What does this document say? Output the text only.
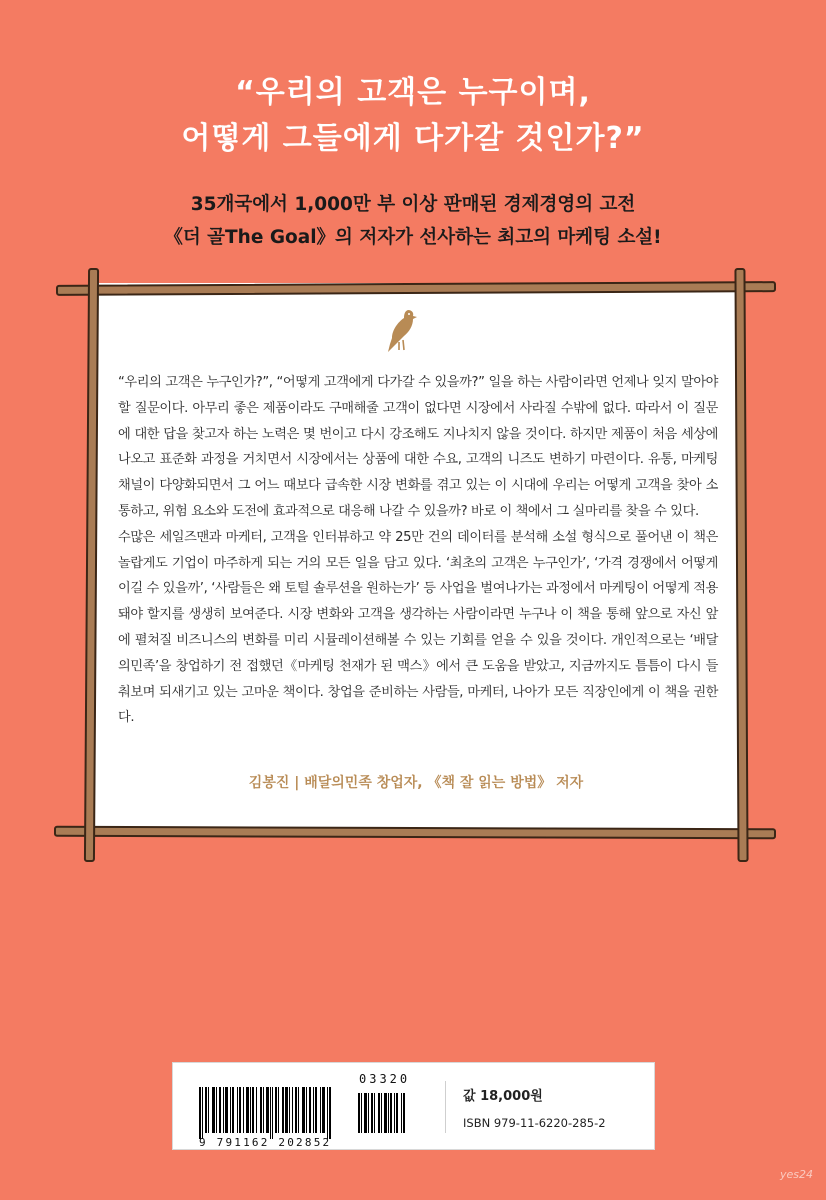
“우리의 고객은 누구이며,
어떻게 그들에게 다가갈 것인가?”
35개국에서 1,000만 부 이상 판매된 경제경영의 고전
《더 골The Goal》의 저자가 선사하는 최고의 마케팅 소설!

“우리의 고객은 누구인가?”, “어떻게 고객에게 다가갈 수 있을까?” 일을 하는 사람이라면 언제나 잊지 말아야 할 질문이다. 아무리 좋은 제품이라도 구매해줄 고객이 없다면 시장에서 사라질 수밖에 없다. 따라서 이 질문에 대한 답을 찾고자 하는 노력은 몇 번이고 다시 강조해도 지나치지 않을 것이다. 하지만 제품이 처음 세상에 나오고 표준화 과정을 거치면서 시장에서는 상품에 대한 수요, 고객의 니즈도 변하기 마련이다. 유통, 마케팅 채널이 다양화되면서 그 어느 때보다 급속한 시장 변화를 겪고 있는 이 시대에 우리는 어떻게 고객을 찾아 소통하고, 위험 요소와 도전에 효과적으로 대응해 나갈 수 있을까? 바로 이 책에서 그 실마리를 찾을 수 있다.

수많은 세일즈맨과 마케터, 고객을 인터뷰하고 약 25만 건의 데이터를 분석해 소설 형식으로 풀어낸 이 책은 놀랍게도 기업이 마주하게 되는 거의 모든 일을 담고 있다. ‘최초의 고객은 누구인가’, ‘가격 경쟁에서 어떻게 이길 수 있을까’, ‘사람들은 왜 토털 솔루션을 원하는가’ 등 사업을 벌여나가는 과정에서 마케팅이 어떻게 적용돼야 할지를 생생히 보여준다. 시장 변화와 고객을 생각하는 사람이라면 누구나 이 책을 통해 앞으로 자신 앞에 펼쳐질 비즈니스의 변화를 미리 시뮬레이션해볼 수 있는 기회를 얻을 수 있을 것이다. 개인적으로는 ‘배달의민족’을 창업하기 전 접했던《마케팅 천재가 된 맥스》에서 큰 도움을 받았고, 지금까지도 틈틈이 다시 들춰보며 되새기고 있는 고마운 책이다. 창업을 준비하는 사람들, 마케터, 나아가 모든 직장인에게 이 책을 권한다.

김봉진 | 배달의민족 창업자, 《책 잘 읽는 방법》 저자
03320
9 791162 202852
값 18,000원
ISBN 979-11-6220-285-2
yes24
